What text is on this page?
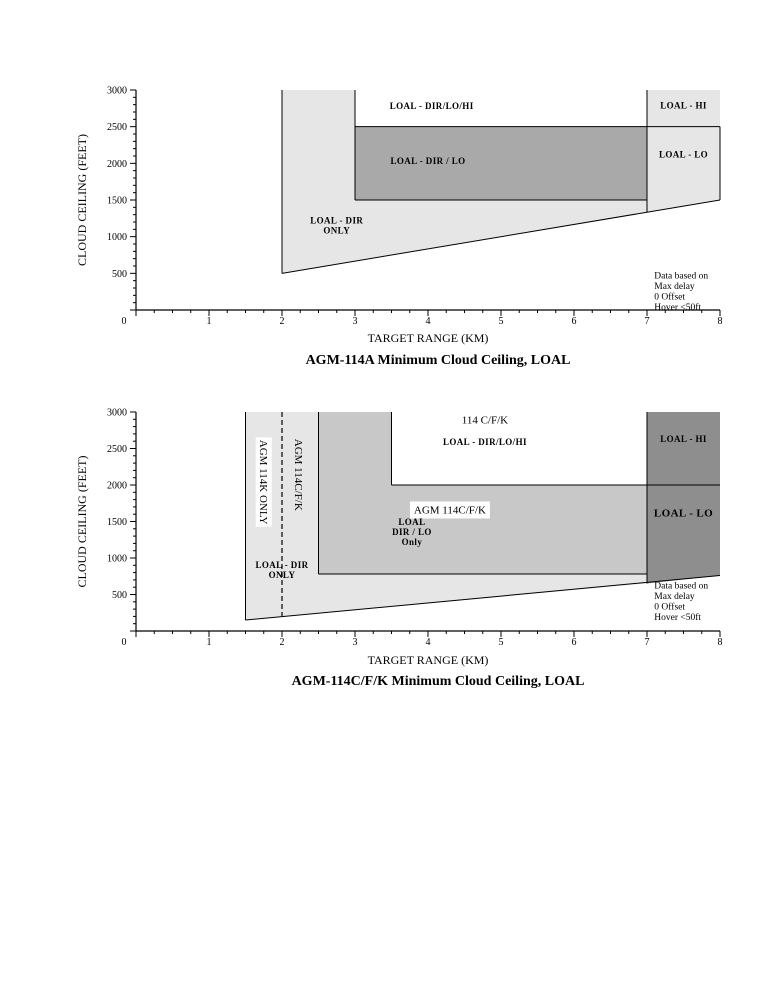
500
1000
1500
2000
2500
3000
0	1	2	3	4	5	6	7	8
TARGET RANGE (KM)
CLOUD CEILING (FEET)
AGM-114A Minimum Cloud Ceiling, LOAL
LOAL - DIR/LO/HI
LOAL - DIR / LO
LOAL - HI
LOAL - LO
LOAL - DIR
ONLY
Data based on
Max delay
0 Offset
Hover <50ft
500
1000
1500
2000
2500
3000
0	1	2	3	4	5	6	7	8
TARGET RANGE (KM)
CLOUD CEILING (FEET)
AGM-114C/F/K Minimum Cloud Ceiling, LOAL
114 C/F/K
LOAL - DIR/LO/HI
AGM 114C/F/K
LOAL
DIR / LO
Only
LOAL - HI
LOAL - LO
LOAL - DIR
ONLY
AGM 114K ONLY AGM 114C/F/K
Data based on
Max delay
0 Offset
Hover <50ft
